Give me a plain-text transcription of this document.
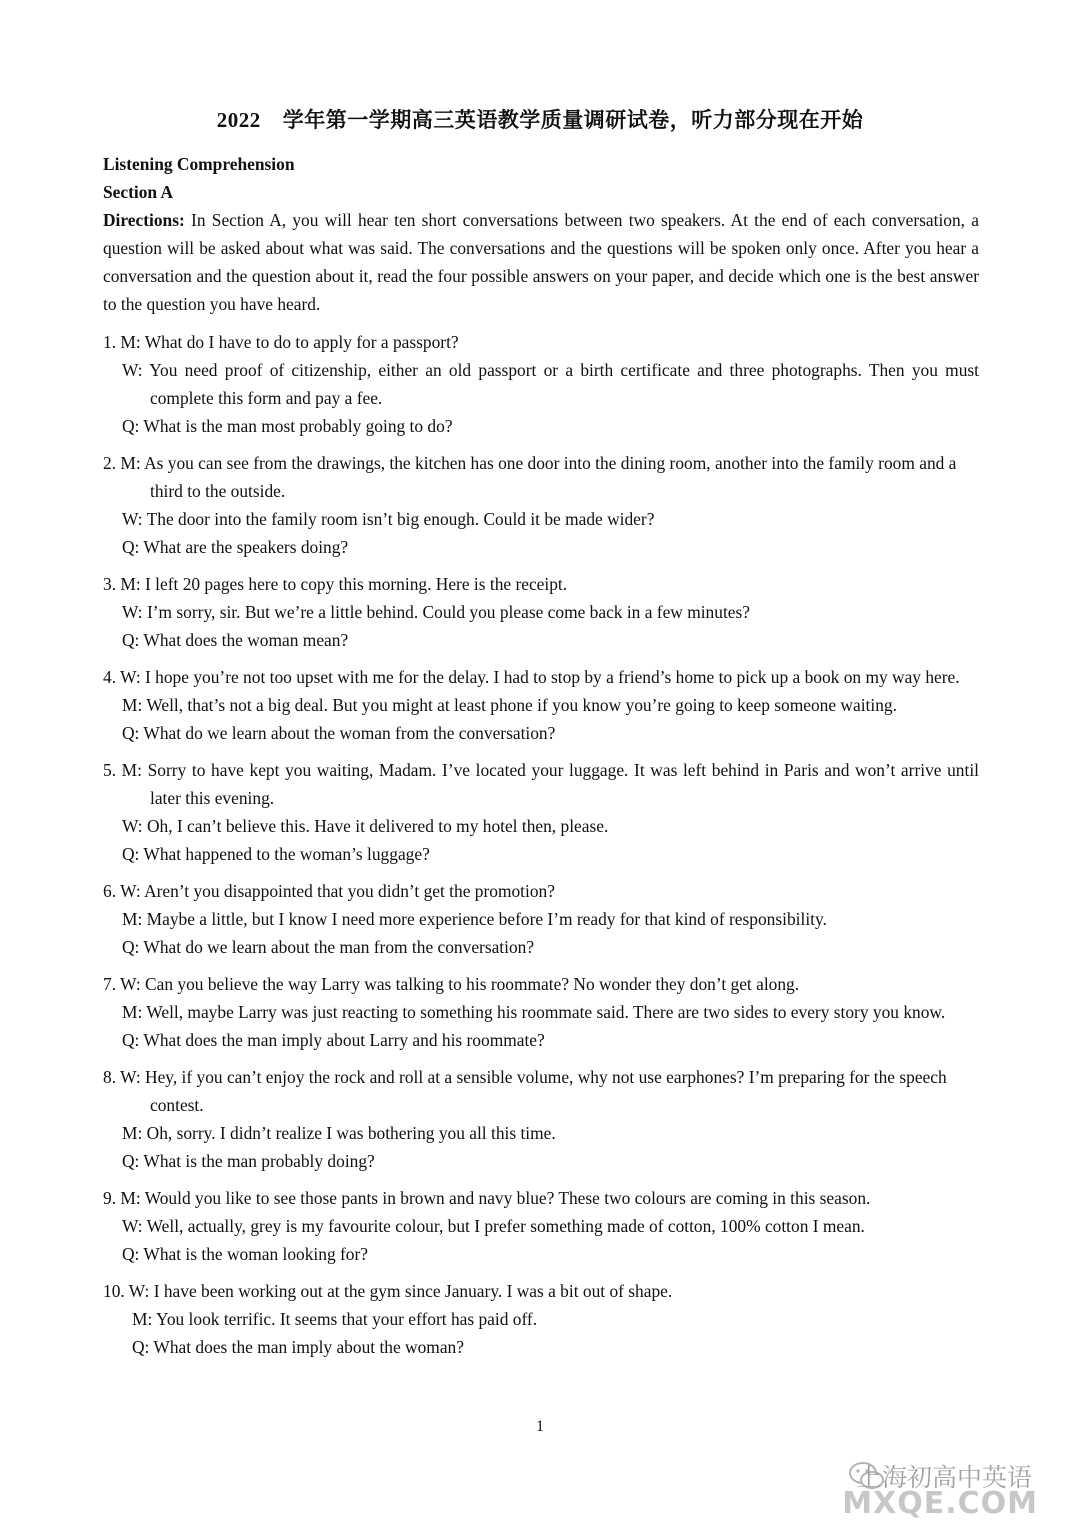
2022 学年第一学期高三英语教学质量调研试卷，听力部分现在开始
Listening Comprehension
Section A
Directions: In Section A, you will hear ten short conversations between two speakers. At the end of each conversation, a question will be asked about what was said. The conversations and the questions will be spoken only once. After you hear a conversation and the question about it, read the four possible answers on your paper, and decide which one is the best answer to the question you have heard.
1. M: What do I have to do to apply for a passport?
W: You need proof of citizenship, either an old passport or a birth certificate and three photographs. Then you must complete this form and pay a fee.
Q: What is the man most probably going to do?
2. M: As you can see from the drawings, the kitchen has one door into the dining room, another into the family room and a third to the outside.
W: The door into the family room isn’t big enough. Could it be made wider?
Q: What are the speakers doing?
3. M: I left 20 pages here to copy this morning. Here is the receipt.
W: I’m sorry, sir. But we’re a little behind. Could you please come back in a few minutes?
Q: What does the woman mean?
4. W: I hope you’re not too upset with me for the delay. I had to stop by a friend’s home to pick up a book on my way here.
M: Well, that’s not a big deal. But you might at least phone if you know you’re going to keep someone waiting.
Q: What do we learn about the woman from the conversation?
5. M: Sorry to have kept you waiting, Madam. I’ve located your luggage. It was left behind in Paris and won’t arrive until later this evening.
W: Oh, I can’t believe this. Have it delivered to my hotel then, please.
Q: What happened to the woman’s luggage?
6. W: Aren’t you disappointed that you didn’t get the promotion?
M: Maybe a little, but I know I need more experience before I’m ready for that kind of responsibility.
Q: What do we learn about the man from the conversation?
7. W: Can you believe the way Larry was talking to his roommate? No wonder they don’t get along.
M: Well, maybe Larry was just reacting to something his roommate said. There are two sides to every story you know.
Q: What does the man imply about Larry and his roommate?
8. W: Hey, if you can’t enjoy the rock and roll at a sensible volume, why not use earphones? I’m preparing for the speech contest.
M: Oh, sorry. I didn’t realize I was bothering you all this time.
Q: What is the man probably doing?
9. M: Would you like to see those pants in brown and navy blue? These two colours are coming in this season.
W: Well, actually, grey is my favourite colour, but I prefer something made of cotton, 100% cotton I mean.
Q: What is the woman looking for?
10. W: I have been working out at the gym since January. I was a bit out of shape.
M: You look terrific. It seems that your effort has paid off.
Q: What does the man imply about the woman?
1
上海初高中英语
MXQE.COM
